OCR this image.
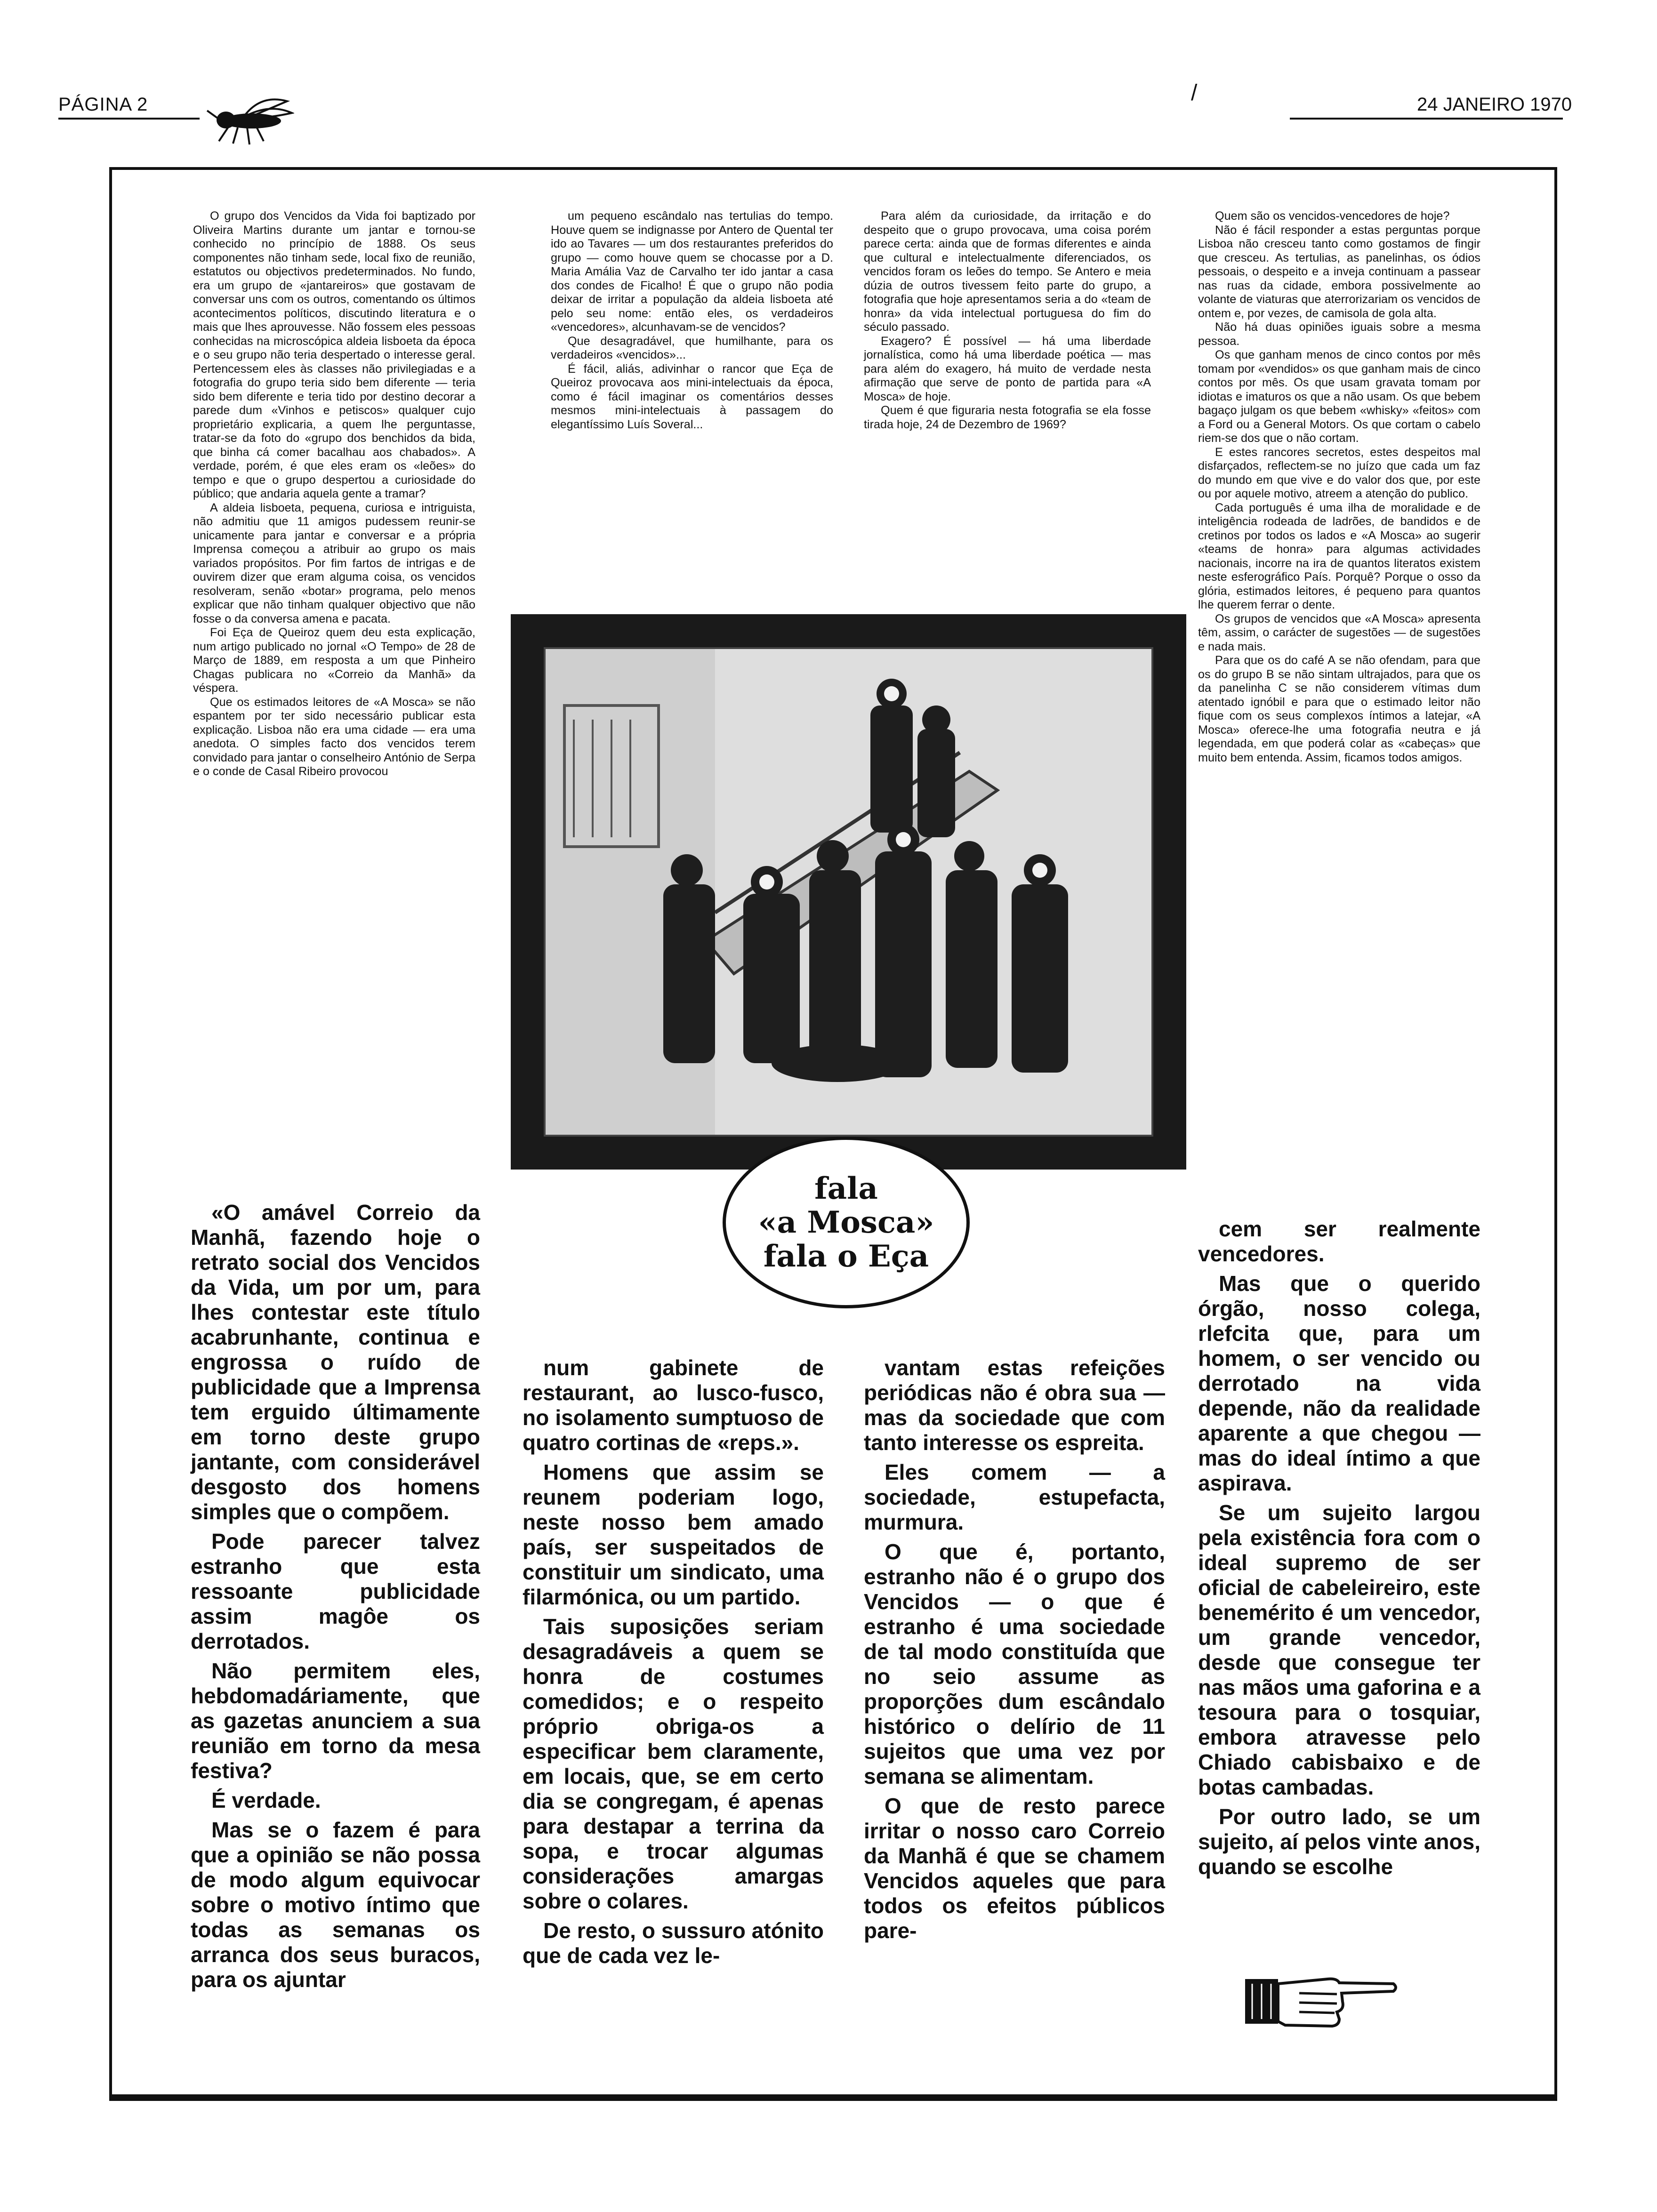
PÁGINA 2	/	24 JANEIRO 1970

O grupo dos Vencidos da Vida foi baptizado por Oliveira Martins durante um jantar e tornou-se conhecido no princípio de 1888. Os seus componentes não tinham sede, local fixo de reunião, estatutos ou objectivos predeterminados. No fundo, era um grupo de «jantareiros» que gostavam de conversar uns com os outros, comentando os últimos acontecimentos políticos, discutindo literatura e o mais que lhes aprouvesse. Não fossem eles pessoas conhecidas na microscópica aldeia lisboeta da época e o seu grupo não teria despertado o interesse geral. Pertencessem eles às classes não privilegiadas e a fotografia do grupo teria sido bem diferente — teria sido bem diferente e teria tido por destino decorar a parede dum «Vinhos e petiscos» qualquer cujo proprietário explicaria, a quem lhe perguntasse, tratar-se da foto do «grupo dos benchidos da bida, que binha cá comer bacalhau aos chabados». A verdade, porém, é que eles eram os «leões» do tempo e que o grupo despertou a curiosidade do público; que andaria aquela gente a tramar?

A aldeia lisboeta, pequena, curiosa e intriguista, não admitiu que 11 amigos pudessem reunir-se unicamente para jantar e conversar e a própria Imprensa começou a atribuir ao grupo os mais variados propósitos. Por fim fartos de intrigas e de ouvirem dizer que eram alguma coisa, os vencidos resolveram, senão «botar» programa, pelo menos explicar que não tinham qualquer objectivo que não fosse o da conversa amena e pacata.

Foi Eça de Queiroz quem deu esta explicação, num artigo publicado no jornal «O Tempo» de 28 de Março de 1889, em resposta a um que Pinheiro Chagas publicara no «Correio da Manhã» da véspera.

Que os estimados leitores de «A Mosca» se não espantem por ter sido necessário publicar esta explicação. Lisboa não era uma cidade — era uma anedota. O simples facto dos vencidos terem convidado para jantar o conselheiro António de Serpa e o conde de Casal Ribeiro provocou

um pequeno escândalo nas tertulias do tempo. Houve quem se indignasse por Antero de Quental ter ido ao Tavares — um dos restaurantes preferidos do grupo — como houve quem se chocasse por a D. Maria Amália Vaz de Carvalho ter ido jantar a casa dos condes de Ficalho! É que o grupo não podia deixar de irritar a população da aldeia lisboeta até pelo seu nome: então eles, os verdadeiros «vencedores», alcunhavam-se de vencidos?

Que desagradável, que humilhante, para os verdadeiros «vencidos»...

É fácil, aliás, adivinhar o rancor que Eça de Queiroz provocava aos mini-intelectuais da época, como é fácil imaginar os comentários desses mesmos mini-intelectuais à passagem do elegantíssimo Luís Soveral...

Para além da curiosidade, da irritação e do despeito que o grupo provocava, uma coisa porém parece certa: ainda que de formas diferentes e ainda que cultural e intelectualmente diferenciados, os vencidos foram os leões do tempo. Se Antero e meia dúzia de outros tivessem feito parte do grupo, a fotografia que hoje apresentamos seria a do «team de honra» da vida intelectual portuguesa do fim do século passado.

Exagero? É possível — há uma liberdade jornalística, como há uma liberdade poética — mas para além do exagero, há muito de verdade nesta afirmação que serve de ponto de partida para «A Mosca» de hoje.

Quem é que figuraria nesta fotografia se ela fosse tirada hoje, 24 de Dezembro de 1969?

Quem são os vencidos-vencedores de hoje?

Não é fácil responder a estas perguntas porque Lisboa não cresceu tanto como gostamos de fingir que cresceu. As tertulias, as panelinhas, os ódios pessoais, o despeito e a inveja continuam a passear nas ruas da cidade, embora possivelmente ao volante de viaturas que aterrorizariam os vencidos de ontem e, por vezes, de camisola de gola alta.

Não há duas opiniões iguais sobre a mesma pessoa.

Os que ganham menos de cinco contos por mês tomam por «vendidos» os que ganham mais de cinco contos por mês. Os que usam gravata tomam por idiotas e imaturos os que a não usam. Os que bebem bagaço julgam os que bebem «whisky» «feitos» com a Ford ou a General Motors. Os que cortam o cabelo riem-se dos que o não cortam.

E estes rancores secretos, estes despeitos mal disfarçados, reflectem-se no juízo que cada um faz do mundo em que vive e do valor dos que, por este ou por aquele motivo, atreem a atenção do publico.

Cada português é uma ilha de moralidade e de inteligência rodeada de ladrões, de bandidos e de cretinos por todos os lados e «A Mosca» ao sugerir «teams de honra» para algumas actividades nacionais, incorre na ira de quantos literatos existem neste esferográfico País. Porquê? Porque o osso da glória, estimados leitores, é pequeno para quantos lhe querem ferrar o dente.

Os grupos de vencidos que «A Mosca» apresenta têm, assim, o carácter de sugestões — de sugestões e nada mais.

Para que os do café A se não ofendam, para que os do grupo B se não sintam ultrajados, para que os da panelinha C se não considerem vítimas dum atentado ignóbil e para que o estimado leitor não fique com os seus complexos íntimos a latejar, «A Mosca» oferece-lhe uma fotografia neutra e já legendada, em que poderá colar as «cabeças» que muito bem entenda. Assim, ficamos todos amigos.

fala
«a Mosca»
fala o Eça

«O amável Correio da Manhã, fazendo hoje o retrato social dos Vencidos da Vida, um por um, para lhes contestar este título acabrunhante, continua e engrossa o ruído de publicidade que a Imprensa tem erguido últimamente em torno deste grupo jantante, com considerável desgosto dos homens simples que o compõem.

Pode parecer talvez estranho que esta ressoante publicidade assim magôe os derrotados.

Não permitem eles, hebdomadáriamente, que as gazetas anunciem a sua reunião em torno da mesa festiva?

É verdade.

Mas se o fazem é para que a opinião se não possa de modo algum equivocar sobre o motivo íntimo que todas as semanas os arranca dos seus buracos, para os ajuntar

num gabinete de restaurant, ao lusco-fusco, no isolamento sumptuoso de quatro cortinas de «reps.».

Homens que assim se reunem poderiam logo, neste nosso bem amado país, ser suspeitados de constituir um sindicato, uma filarmónica, ou um partido.

Tais suposições seriam desagradáveis a quem se honra de costumes comedidos; e o respeito próprio obriga-os a especificar bem claramente, em locais, que, se em certo dia se congregam, é apenas para destapar a terrina da sopa, e trocar algumas considerações amargas sobre o colares.

De resto, o sussuro atónito que de cada vez le-

vantam estas refeições periódicas não é obra sua — mas da sociedade que com tanto interesse os espreita.

Eles comem — a sociedade, estupefacta, murmura.

O que é, portanto, estranho não é o grupo dos Vencidos — o que é estranho é uma sociedade de tal modo constituída que no seio assume as proporções dum escândalo histórico o delírio de 11 sujeitos que uma vez por semana se alimentam.

O que de resto parece irritar o nosso caro Correio da Manhã é que se chamem Vencidos aqueles que para todos os efeitos públicos pare-

cem ser realmente vencedores.

Mas que o querido órgão, nosso colega, rlefcita que, para um homem, o ser vencido ou derrotado na vida depende, não da realidade aparente a que chegou — mas do ideal íntimo a que aspirava.

Se um sujeito largou pela existência fora com o ideal supremo de ser oficial de cabeleireiro, este benemérito é um vencedor, um grande vencedor, desde que consegue ter nas mãos uma gaforina e a tesoura para o tosquiar, embora atravesse pelo Chiado cabisbaixo e de botas cambadas.

Por outro lado, se um sujeito, aí pelos vinte anos, quando se escolhe
